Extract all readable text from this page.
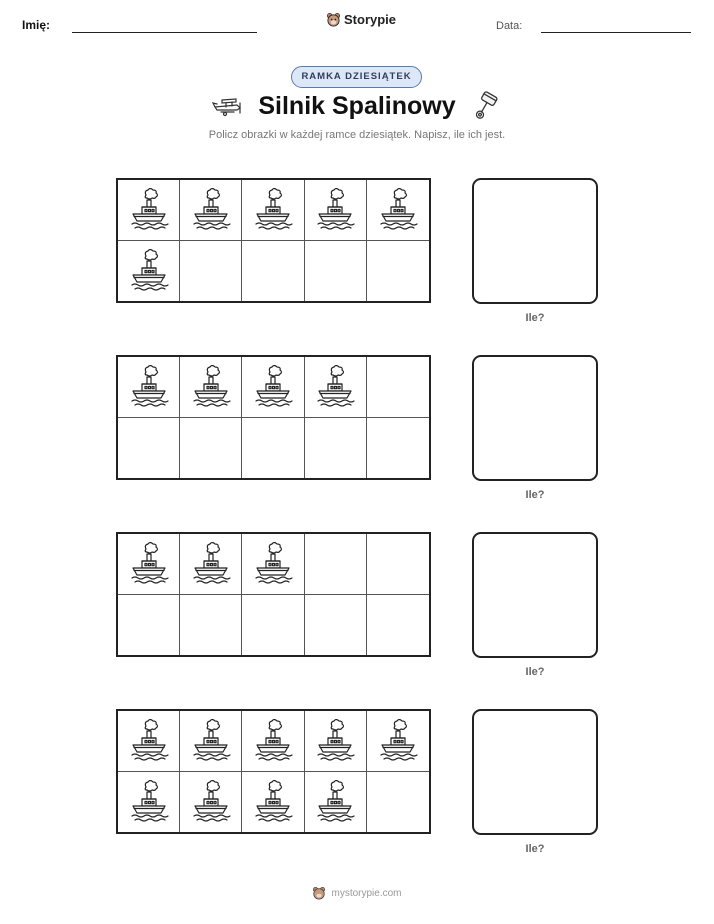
Imię:	Storypie	Data:
RAMKA DZIESIĄTEK
Silnik Spalinowy
Policz obrazki w każdej ramce dziesiątek. Napisz, ile ich jest.
Ile?
Ile?
Ile?
Ile?
mystorypie.com
